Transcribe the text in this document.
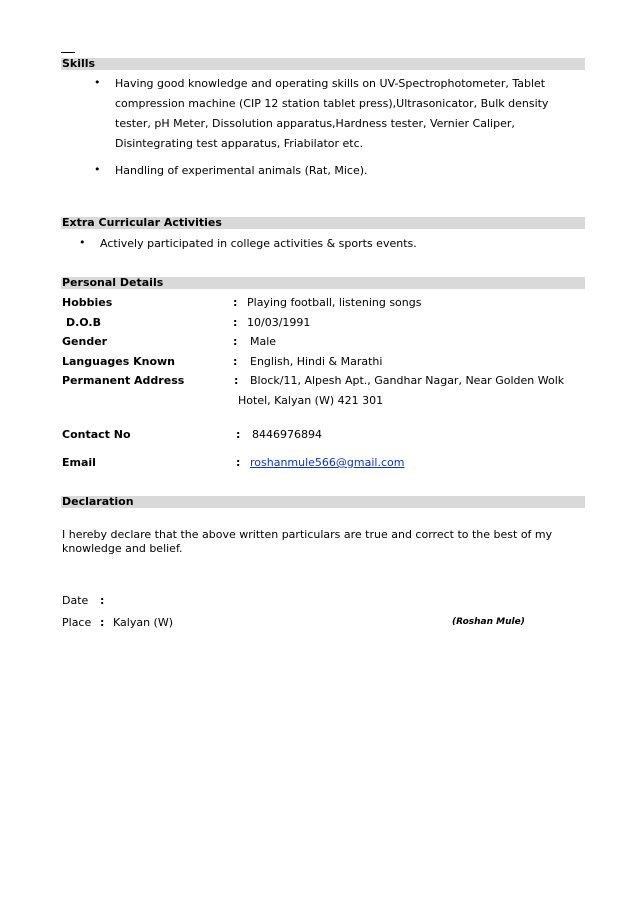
Skills
• Having good knowledge and operating skills on UV-Spectrophotometer, Tablet
compression machine (CIP 12 station tablet press),Ultrasonicator, Bulk density
tester, pH Meter, Dissolution apparatus,Hardness tester, Vernier Caliper,
Disintegrating test apparatus, Friabilator etc.
• Handling of experimental animals (Rat, Mice).
Extra Curricular Activities
• Actively participated in college activities & sports events.
Personal Details
Hobbies	: Playing football, listening songs
D.O.B	: 10/03/1991
Gender	: Male
Languages Known	: English, Hindi & Marathi
Permanent Address	: Block/11, Alpesh Apt., Gandhar Nagar, Near Golden Wolk
Hotel, Kalyan (W) 421 301
Contact No	: 8446976894
Email	: roshanmule566@gmail.com
Declaration
I hereby declare that the above written particulars are true and correct to the best of my
knowledge and belief.
Date :
Place : Kalyan (W)	(Roshan Mule)
